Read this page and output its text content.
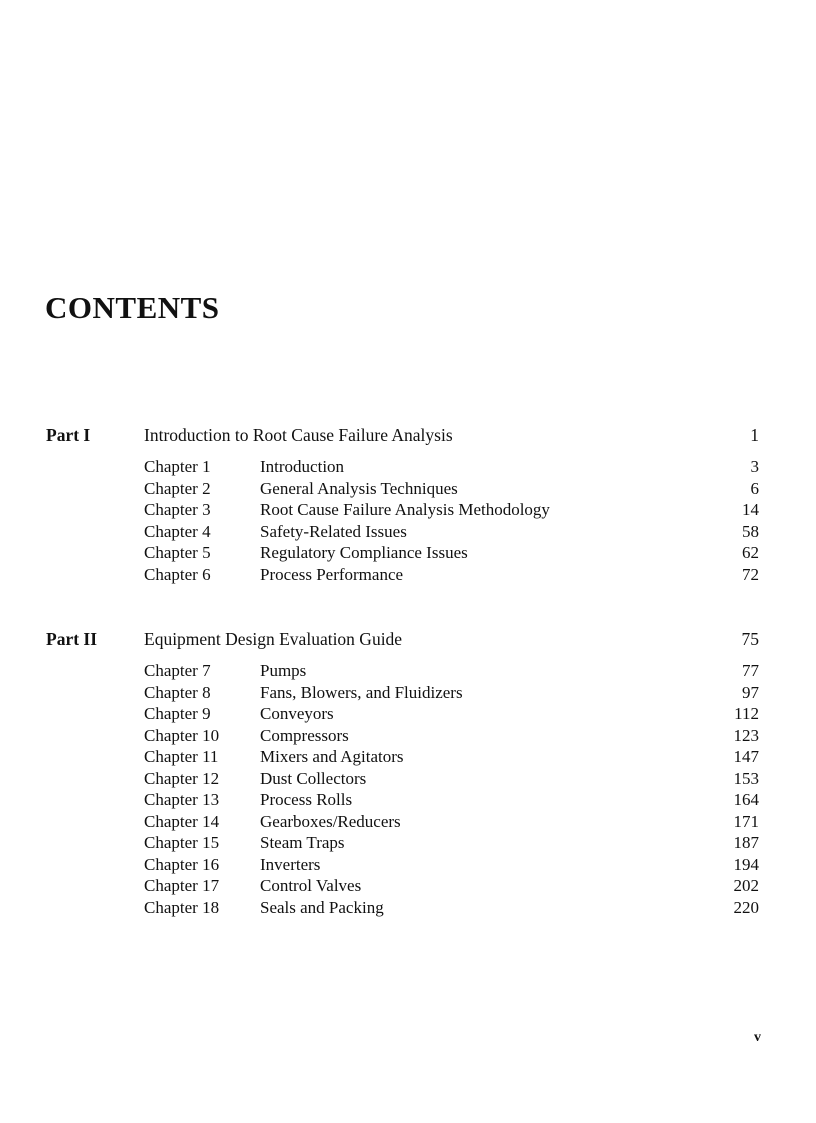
CONTENTS
Part I	Introduction to Root Cause Failure Analysis	1
Chapter 1	Introduction	3
Chapter 2	General Analysis Techniques	6
Chapter 3	Root Cause Failure Analysis Methodology	14
Chapter 4	Safety-Related Issues	58
Chapter 5	Regulatory Compliance Issues	62
Chapter 6	Process Performance	72
Part II	Equipment Design Evaluation Guide	75
Chapter 7	Pumps	77
Chapter 8	Fans, Blowers, and Fluidizers	97
Chapter 9	Conveyors	112
Chapter 10 Compressors	123
Chapter 11 Mixers and Agitators	147
Chapter 12 Dust Collectors	153
Chapter 13 Process Rolls	164
Chapter 14 Gearboxes/Reducers	171
Chapter 15 Steam Traps	187
Chapter 16 Inverters	194
Chapter 17 Control Valves	202
Chapter 18 Seals and Packing	220
v
